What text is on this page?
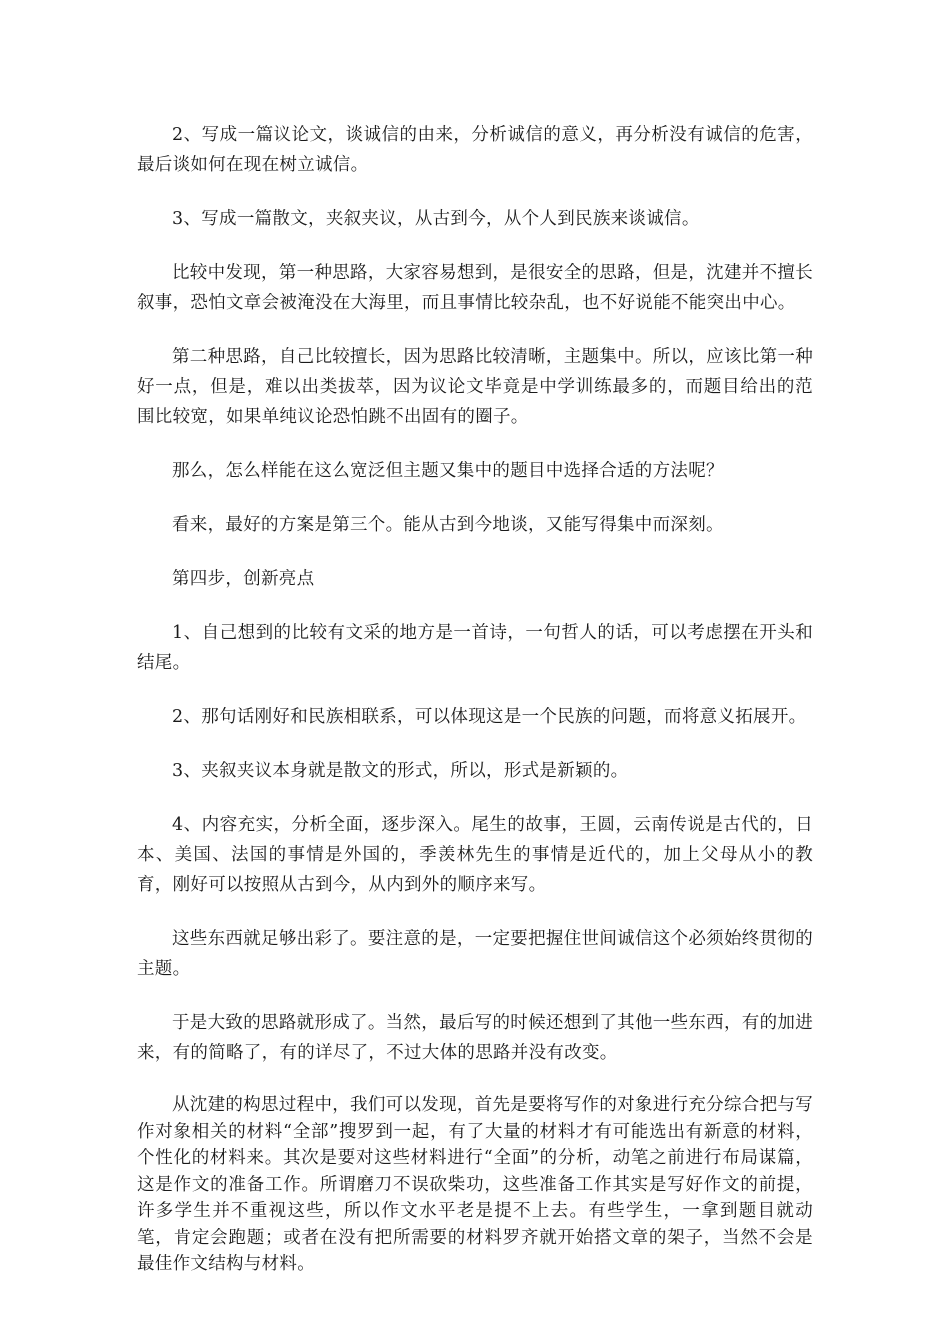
2、写成一篇议论文，谈诚信的由来，分析诚信的意义，再分析没有诚信的危害，最后谈如何在现在树立诚信。

3、写成一篇散文，夹叙夹议，从古到今，从个人到民族来谈诚信。

比较中发现，第一种思路，大家容易想到，是很安全的思路，但是，沈建并不擅长叙事，恐怕文章会被淹没在大海里，而且事情比较杂乱，也不好说能不能突出中心。

第二种思路，自己比较擅长，因为思路比较清晰，主题集中。所以，应该比第一种好一点，但是，难以出类拔萃，因为议论文毕竟是中学训练最多的，而题目给出的范围比较宽，如果单纯议论恐怕跳不出固有的圈子。

那么，怎么样能在这么宽泛但主题又集中的题目中选择合适的方法呢？

看来，最好的方案是第三个。能从古到今地谈，又能写得集中而深刻。

第四步，创新亮点

1、自己想到的比较有文采的地方是一首诗，一句哲人的话，可以考虑摆在开头和结尾。

2、那句话刚好和民族相联系，可以体现这是一个民族的问题，而将意义拓展开。

3、夹叙夹议本身就是散文的形式，所以，形式是新颖的。

4、内容充实，分析全面，逐步深入。尾生的故事，王圆，云南传说是古代的，日本、美国、法国的事情是外国的，季羡林先生的事情是近代的，加上父母从小的教育，刚好可以按照从古到今，从内到外的顺序来写。

这些东西就足够出彩了。要注意的是，一定要把握住世间诚信这个必须始终贯彻的主题。

于是大致的思路就形成了。当然，最后写的时候还想到了其他一些东西，有的加进来，有的简略了，有的详尽了，不过大体的思路并没有改变。

从沈建的构思过程中，我们可以发现，首先是要将写作的对象进行充分综合把与写作对象相关的材料“全部”搜罗到一起，有了大量的材料才有可能选出有新意的材料，个性化的材料来。其次是要对这些材料进行“全面”的分析，动笔之前进行布局谋篇，这是作文的准备工作。所谓磨刀不误砍柴功，这些准备工作其实是写好作文的前提，许多学生并不重视这些，所以作文水平老是提不上去。有些学生，一拿到题目就动笔，肯定会跑题；或者在没有把所需要的材料罗齐就开始搭文章的架子，当然不会是最佳作文结构与材料。
